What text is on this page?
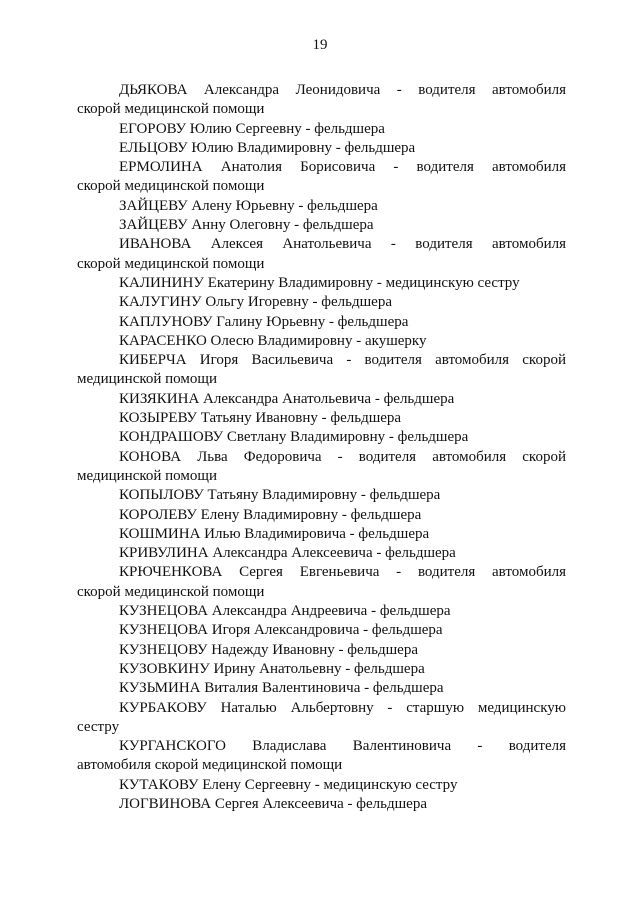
19

ДЬЯКОВА Александра Леонидовича - водителя автомобиля
скорой медицинской помощи

ЕГОРОВУ Юлию Сергеевну - фельдшера

ЕЛЬЦОВУ Юлию Владимировну - фельдшера

ЕРМОЛИНА Анатолия Борисовича - водителя автомобиля
скорой медицинской помощи

ЗАЙЦЕВУ Алену Юрьевну - фельдшера

ЗАЙЦЕВУ Анну Олеговну - фельдшера

ИВАНОВА Алексея Анатольевича - водителя автомобиля
скорой медицинской помощи

КАЛИНИНУ Екатерину Владимировну - медицинскую сестру

КАЛУГИНУ Ольгу Игоревну - фельдшера

КАПЛУНОВУ Галину Юрьевну - фельдшера

КАРАСЕНКО Олесю Владимировну - акушерку

КИБЕРЧА Игоря Васильевича - водителя автомобиля скорой
медицинской помощи

КИЗЯКИНА Александра Анатольевича - фельдшера

КОЗЫРЕВУ Татьяну Ивановну - фельдшера

КОНДРАШОВУ Светлану Владимировну - фельдшера

КОНОВА Льва Федоровича - водителя автомобиля скорой
медицинской помощи

КОПЫЛОВУ Татьяну Владимировну - фельдшера

КОРОЛЕВУ Елену Владимировну - фельдшера

КОШМИНА Илью Владимировича - фельдшера

КРИВУЛИНА Александра Алексеевича - фельдшера

КРЮЧЕНКОВА Сергея Евгеньевича - водителя автомобиля
скорой медицинской помощи

КУЗНЕЦОВА Александра Андреевича - фельдшера

КУЗНЕЦОВА Игоря Александровича - фельдшера

КУЗНЕЦОВУ Надежду Ивановну - фельдшера

КУЗОВКИНУ Ирину Анатольевну - фельдшера

КУЗЬМИНА Виталия Валентиновича - фельдшера

КУРБАКОВУ Наталью Альбертовну - старшую медицинскую
сестру

КУРГАНСКОГО Владислава Валентиновича - водителя
автомобиля скорой медицинской помощи

КУТАКОВУ Елену Сергеевну - медицинскую сестру

ЛОГВИНОВА Сергея Алексеевича - фельдшера
